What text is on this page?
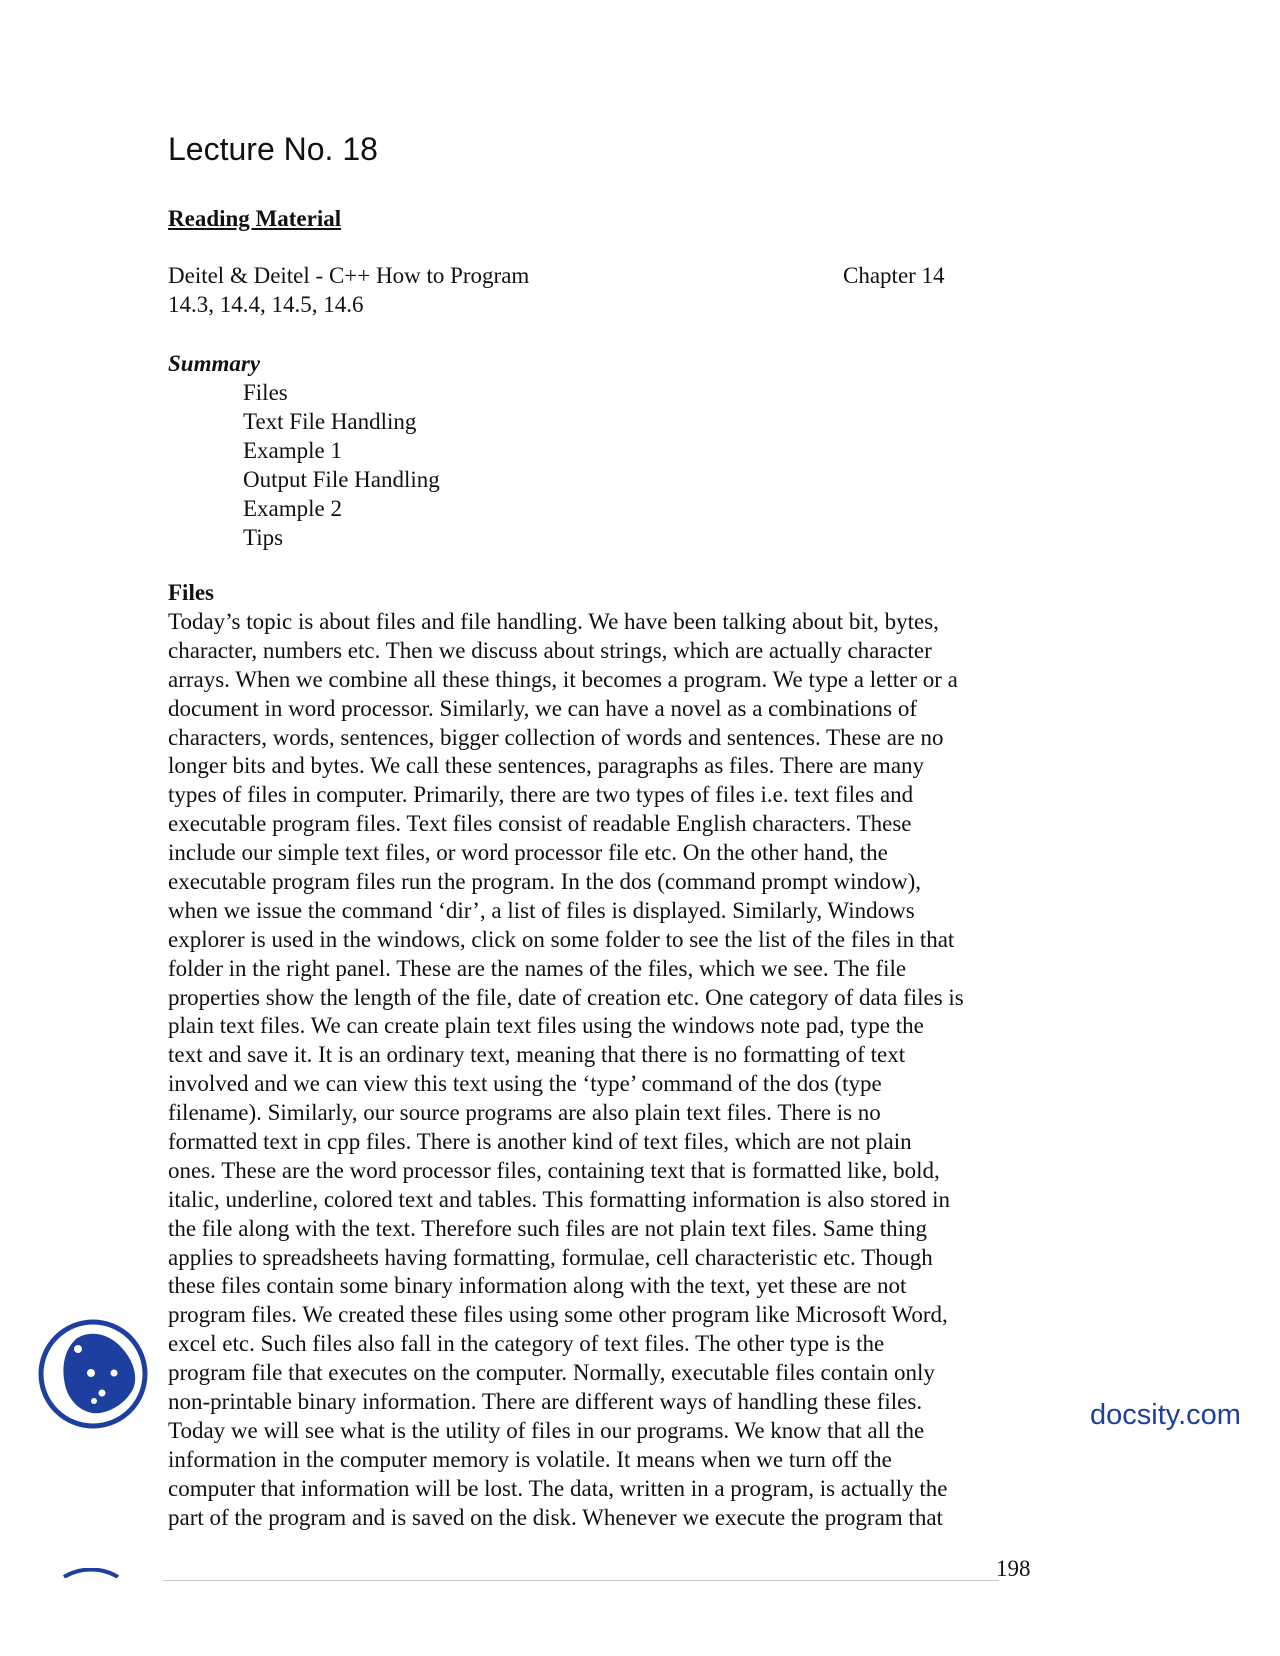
Lecture No. 18
Reading Material
Deitel & Deitel - C++ How to Program	Chapter 14
14.3, 14.4, 14.5, 14.6
Summary
Files
Text File Handling
Example 1
Output File Handling
Example 2
Tips
Files
Today’s topic is about files and file handling. We have been talking about bit, bytes,
character, numbers etc. Then we discuss about strings, which are actually character
arrays. When we combine all these things, it becomes a program. We type a letter or a
document in word processor. Similarly, we can have a novel as a combinations of
characters, words, sentences, bigger collection of words and sentences. These are no
longer bits and bytes. We call these sentences, paragraphs as files. There are many
types of files in computer. Primarily, there are two types of files i.e. text files and
executable program files. Text files consist of readable English characters. These
include our simple text files, or word processor file etc. On the other hand, the
executable program files run the program. In the dos (command prompt window),
when we issue the command ‘dir’, a list of files is displayed. Similarly, Windows
explorer is used in the windows, click on some folder to see the list of the files in that
folder in the right panel. These are the names of the files, which we see. The file
properties show the length of the file, date of creation etc. One category of data files is
plain text files. We can create plain text files using the windows note pad, type the
text and save it. It is an ordinary text, meaning that there is no formatting of text
involved and we can view this text using the ‘type’ command of the dos (type
filename). Similarly, our source programs are also plain text files. There is no
formatted text in cpp files. There is another kind of text files, which are not plain
ones. These are the word processor files, containing text that is formatted like, bold,
italic, underline, colored text and tables. This formatting information is also stored in
the file along with the text. Therefore such files are not plain text files. Same thing
applies to spreadsheets having formatting, formulae, cell characteristic etc. Though
these files contain some binary information along with the text, yet these are not
program files. We created these files using some other program like Microsoft Word,
excel etc. Such files also fall in the category of text files. The other type is the
program file that executes on the computer. Normally, executable files contain only
non-printable binary information. There are different ways of handling these files.
Today we will see what is the utility of files in our programs. We know that all the
information in the computer memory is volatile. It means when we turn off the
computer that information will be lost. The data, written in a program, is actually the
part of the program and is saved on the disk. Whenever we execute the program that
198
docsity.com
